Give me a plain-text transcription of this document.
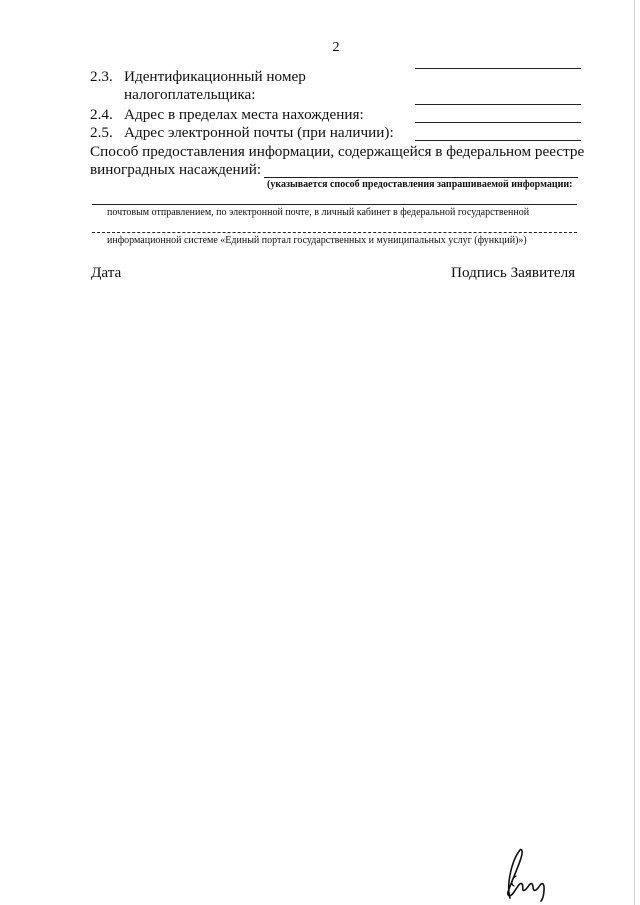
2
2.3. Идентификационный номер
налогоплательщика:
2.4. Адрес в пределах места нахождения:
2.5. Адрес электронной почты (при наличии):
Способ предоставления информации, содержащейся в федеральном реестре
виноградных насаждений:
(указывается способ предоставления запрашиваемой информации:
почтовым отправлением, по электронной почте, в личный кабинет в федеральной государственной
информационной системе «Единый портал государственных и муниципальных услуг (функций)»)
Дата	Подпись Заявителя
